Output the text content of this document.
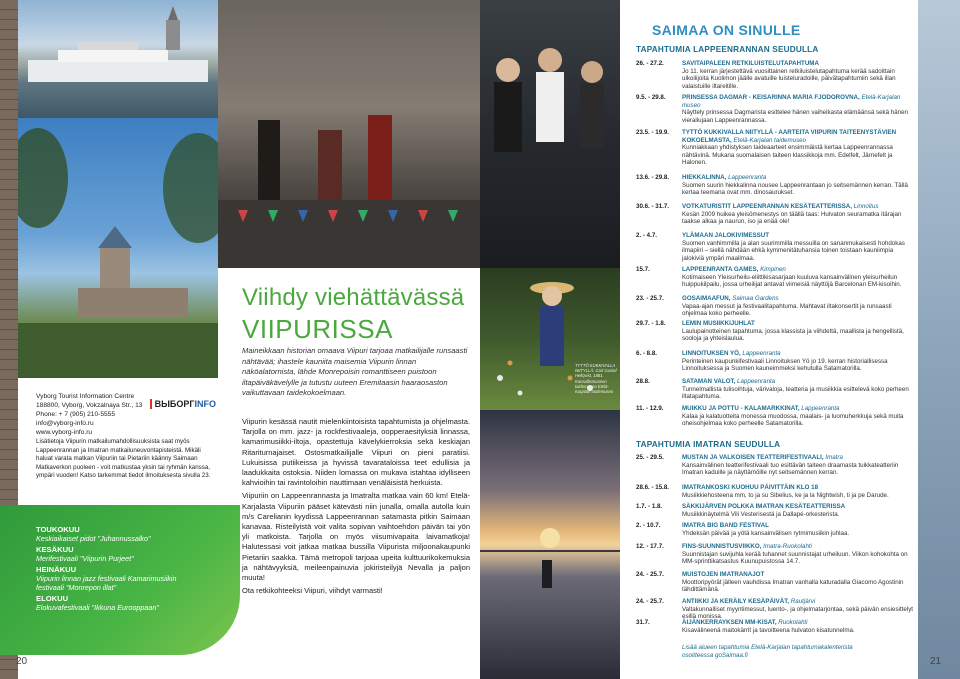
Vyborg Tourist Information Centre
188800, Vyborg, Vokzalnaya Str., 13
Phone: + 7 (905) 210-5555
info@vyborg-info.ru
www.vyborg-info.ru
ВЫБОРГ INFO
Lisätietoja Viipurin matkailumahdollisuuksista saat myös Lappeenrannan ja Imatran matkailuneuvontapisteistä. Mikäli haluat varata matkan Viipuriin tai Pietariin käänny Saimaan Matkaverkon puoleen - voit matkustaa yksin tai ryhmän kanssa, ympäri vuoden! Katso tarkemmat tiedot ilmoituksesta sivulla 23.
TOUKOKUU
Keskiaikaiset pidot "Juhannussalko"
KESÄKUU
Merifestivaali "Viipurin Purjeet"
HEINÄKUU
Viipurin linnan jazz festivaali Kamarimusiikin festivaali "Monrepon illat"
ELOKUU
Elokuvafestivaali "Ikkuna Eurooppaan"
20
Viihdy viehättävässä
VIIPURISSA
Maineikkaan historian omaava Viipuri tarjoaa matkailijalle runsaasti nähtävää; ihastele kauniita maisemia Viipurin linnan näköalatornista, lähde Monrepoisin romanttiseen puistoon iltapäiväkävelylle ja tutustu uuteen Eremitaasin haaraosaston vaikuttavaan taidekokoelmaan.

Viipurin kesässä nautit mielenkiintoisista tapahtumista ja ohjelmasta. Tarjolla on mm. jazz- ja rockfestivaaleja, oopperaesityksiä linnassa, kamarimusiikki-iltoja, opastettuja kävelykierroksia sekä keskiajan Ritariturnajaiset. Ostosmatkailijalle Viipuri on pieni paratiisi. Lukuisissa putiikeissa ja hyvissä tavarataloissa teet edullisia ja laadukkaita ostoksia. Niiden lomassa on mukava istahtaa idylliseen kahvioihin tai ravintoloihin nauttimaan venäläisistä herkuista.

Viipuriin on Lappeenrannasta ja Imatralta matkaa vain 60 km! Etelä-Karjalasta Viipuriin pääset kätevästi niin junalla, omalla autolla kuin m/s Carelianin kyydissä Lappeenrannan satamasta pitkin Saimaan kanavaa. Risteilyistä voit valita sopivan vaihtoehdon päivän tai yön yli matkoista. Tarjolla on myös viisumivapaita laivamatkoja! Halutessasi voit jatkaa matkaa bussilla Viipurista miljoonakaupunki Pietariin saakka. Tämä metropoli tarjoaa upeita kulttuurikokemuksia ja nähtävyyksiä, meileenpainuvia jokiristeilyjä Nevalla ja paljon muuta!

Ota retkikohteeksi Viipuri, viihdyt varmasti!

TYTTÖ KUKKIVALLA NIITYLLÄ, Carl Gustaf Hellqvist, 1881. Kansallismuseon taidemuseo Etelä-Karjalan taidemuseo
SAIMAA ON SINULLE
TAPAHTUMIA LAPPEENRANNAN SEUDULLA
26. - 27.2.	SAVITAIPALEEN RETKILUISTELUTAPAHTUMA
Jo 11. kerran järjestettävä vuosittainen retkiluistelutapahtuma kerää sadoittain ulkoilijoita Kuolimon jäälle avatuille luisteluradoille, päivätapahtumiin sekä illan valaistuille iltareitille.
9.5. - 29.8.	PRINSESSA DAGMAR - KEISARINNA MARIA FJODOROVNA, Etelä-Karjalan museo
Näyttely prinsessa Dagmarista esittelee hänen vaiheikasta elämäänsä sekä hänen vierailujaan Lappeenrannassa.
23.5. - 19.9.	TYTTÖ KUKKIVALLA NIITYLLÄ - AARTEITA VIIPURIN TAITEENYSTÄVIEN KOKOELMASTA, Etelä-Karjalan taidemuseo
Kunniakkaan yhdistyksen taideaarteet ensimmäistä kertaa Lappeenrannassa nähtävinä. Mukana suomalaisen taiteen klassikkoja mm. Edelfelt, Järnefelt ja Halonen.
13.6. - 29.8.	HIEKKALINNA, Lappeenranta
Suomen suurin hiekkalinna nousee Lappeenrantaan jo seitsemännen kerran. Tällä kertaa teemana ovat mm. dinosaurukset.
30.6. - 31.7.	VOTKATURISTIT LAPPEENRANNAN KESÄTEATTERISSA, Linnoitus
Kesän 2009 huikea yleisömenestys on täällä taas: Hulvaton seuramatka itärajan taakse alkaa ja naurun, iso ja enää ole!
2. - 4.7.	YLÄMAAN JALOKIVIMESSUT
Suomen vanhimmilla ja alan suurimmilla messuilla on sananmukaisesti hohdokas ilmapiiri – siellä nähdään ehkä kymmenitätuhansia toinen toistaan kauniimpia jalokiviä ympäri maailmaa.
15.7.	LAPPEENRANTA GAMES, Kimpinen
Kotimaiseen Yleisurheilu-eliittikisasarjaan kuuluva kansainvälinen yleisurheilun huippukilpailu, jossa urheilijat antavat viimeisiä näyttöjä Barcelonan EM-kisoihin.
23. - 25.7.	GOSAIMAAFUN, Saimaa Gardens
Vapaa-ajan messut ja festivaalitapahtuma. Mahtavat iltakonsertit ja runsaasti ohjelmaa koko perheelle.
29.7. - 1.8.	LEMIN MUSIIKKIJUHLAT
Laulupainotteinen tapahtuma, jossa klassista ja viihdettä, maallista ja hengellistä, sooloja ja yhteislaulua.
6. - 8.8.	LINNOITUKSEN YÖ, Lappeenranta
Perinteinen kaupunkifestivaali Linnoituksen Yö jo 19. kerran historiallisessa Linnoituksessa ja Suomen kauneimmeksi kehutulla Satamatorilla.
28.8.	SATAMAN VALOT, Lappeenranta
Tunnelmallista tulisoihtuja, värivaloja, teatteria ja musiikkia esittelevä koko perheen iltatapahtuma.
11. - 12.9.	MUIKKU JA POTTU - KALAMARKKINAT, Lappeenranta
Kalaa ja kalatuotteita monessa muodossa, maalais- ja luomuherkkuja sekä muita oheisohjelmaa koko perheelle Satamatorilla.
TAPAHTUMIA IMATRAN SEUDULLA
25. - 29.5.	MUSTAN JA VALKOISEN TEATTERIFESTIVAALI, Imatra
Kansainvälinen teatterifestivaali tuo esittävän taiteen draamasta tuikkateatteriin Imatran kaduille ja näyttämöille nyt seitsemännen kerran.
28.6. - 15.8.	IMATRANKOSKI KUOHUU PÄIVITTÄIN KLO 18
Musiikkiehosteena mm, to ja su Sibelius, ke ja la Nightwish, ti ja pe Darude.
1.7. - 1.8.	SÄKKIJÄRVEN POLKKA IMATRAN KESÄTEATTERISSA
Musiikkinäytelmä Vili Vesterisestä ja Dallapé-orkesterista.
2. - 10.7.	IMATRA BIG BAND FESTIVAL
Yhdeksän päivää ja yötä kansainvälisen rytmimusiikin juhlaa.
12. - 17.7.	FINS-SUUNNISTUSVIIKKO, Imatra-Ruokolahti
Suunnistajan suvijuhla kerää tuhannet suunnistajat urheiluun. Viikon kohokohta on MM-sprinttikatsastus Kuunupuistossa 14.7.
24. - 25.7.	MUISTOJEN IMATRANAJOT
Moottoripyörät jälleen vauhdissa Imatran vanhalla katuradalla Giacomo Agostinin tähdittämänä.
24. - 25.7.	ANTIIKKI JA KERÄILY KESÄPÄIVÄT, Rautjärvi
Valtakunnalliset myyntimessut, luento-, ja ohjelmatarjontaa, sekä päivän ensiesittelyt esillä monissa.
31.7.	ÄIJÄNKERRAYKSEN MM-KISAT, Ruokolahti
Kisavälineenä maitokärrit ja tavoitteena hulvaton kisatunnelma.
Lisää alueen tapahtumia Etelä-Karjalan tapahtumakalenterista osoitteessa goSaimaa.fi
21
